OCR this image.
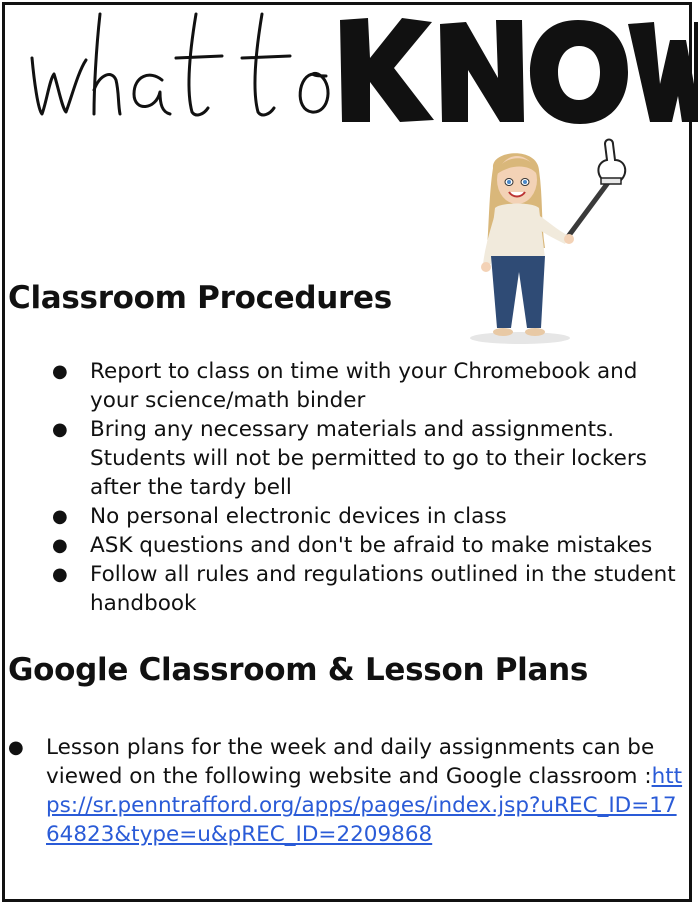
Classroom Procedures
● Report to class on time with your Chromebook and your science/math binder
● Bring any necessary materials and assignments. Students will not be permitted to go to their lockers after the tardy bell
● No personal electronic devices in class
● ASK questions and don't be afraid to make mistakes
● Follow all rules and regulations outlined in the student handbook
Google Classroom & Lesson Plans
● Lesson plans for the week and daily assignments can be viewed on the following website and Google classroom :https://sr.penntrafford.org/apps/pages/index.jsp?uREC_ID=1764823&type=u&pREC_ID=2209868
